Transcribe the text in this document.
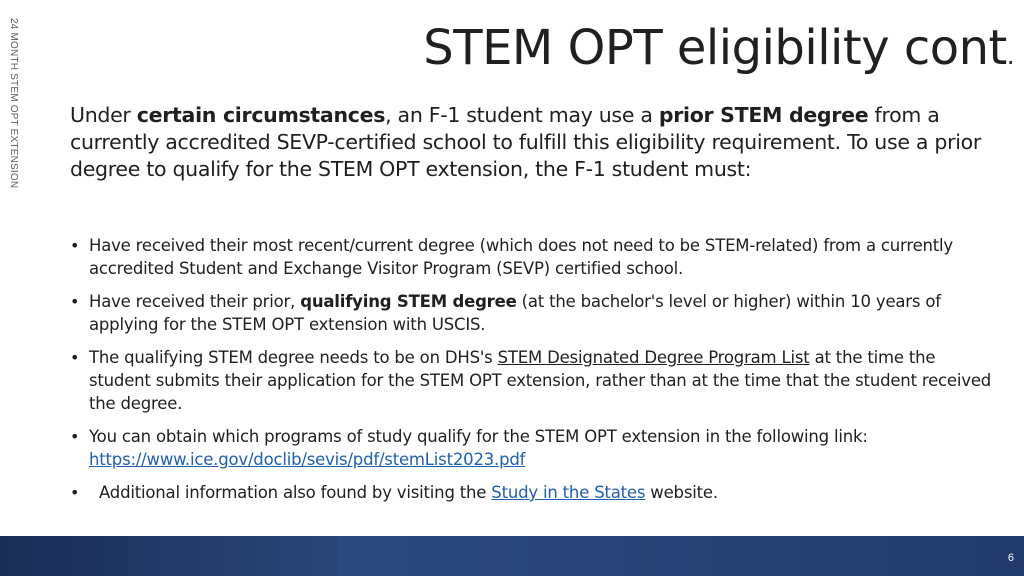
24 MONTH STEM OPT EXTENSION	STEM OPT eligibility cont.

Under certain circumstances, an F-1 student may use a prior STEM degree from a currently accredited SEVP-certified school to fulfill this eligibility requirement. To use a prior degree to qualify for the STEM OPT extension, the F-1 student must:

• Have received their most recent/current degree (which does not need to be STEM-related) from a currently accredited Student and Exchange Visitor Program (SEVP) certified school.
• Have received their prior, qualifying STEM degree (at the bachelor's level or higher) within 10 years of applying for the STEM OPT extension with USCIS.
• The qualifying STEM degree needs to be on DHS's STEM Designated Degree Program List at the time the student submits their application for the STEM OPT extension, rather than at the time that the student received the degree.
• You can obtain which programs of study qualify for the STEM OPT extension in the following link: https://www.ice.gov/doclib/sevis/pdf/stemList2023.pdf
• Additional information also found by visiting the Study in the States website.
6
